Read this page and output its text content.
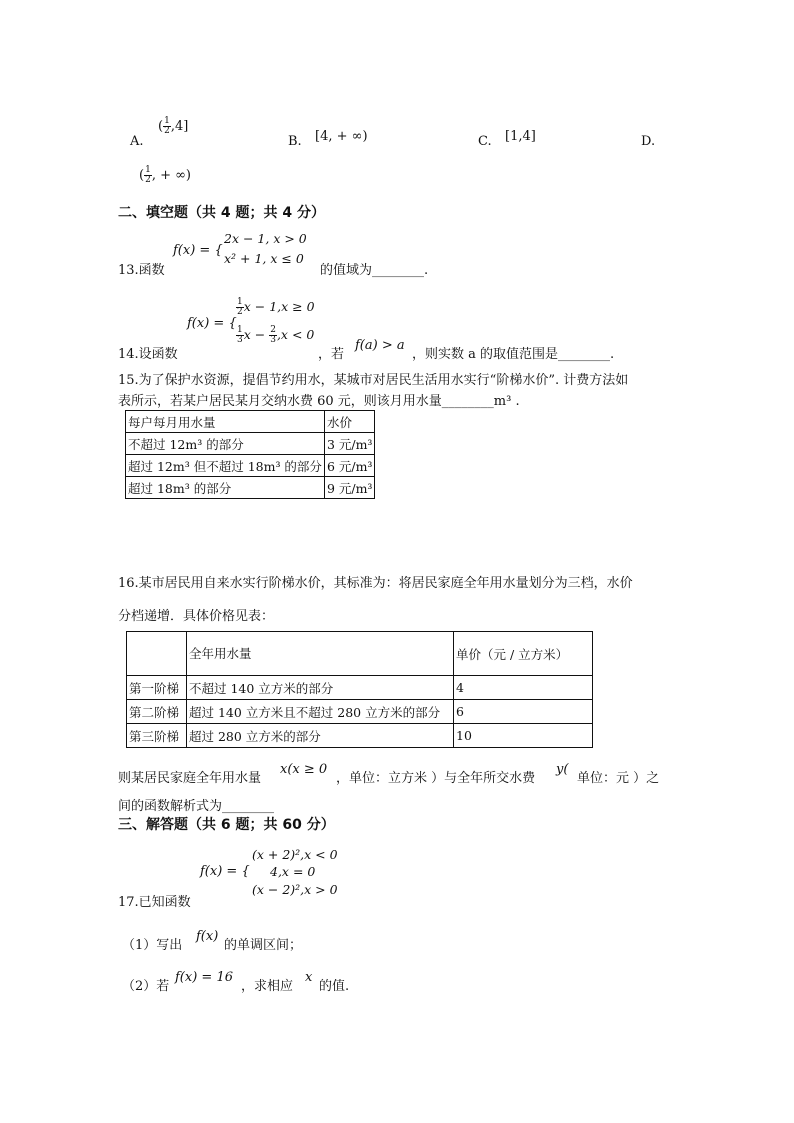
A.
( $\frac{1}{2} ,4$]
B. [4, + ∞)	C. [1,4]	D.
( $\frac{1}{2}$ , + ∞)
二、填空题（共 4 题；共 4 分）
f(x) = {
2x − 1, x > 0
x² + 1, x ≤ 0
13.函数	的值域为________.
f(x) = {
$\frac{1}{2}$ x − 1,x ≥ 0
$\frac{1}{3}$ $x - \frac{2}{3} ,x < 0$
14.设函数	，若
f(a) > a
，则实数 a 的取值范围是________.
15.为了保护水资源，提倡节约用水，某城市对居民生活用水实行“阶梯水价”. 计费方法如
表所示，若某户居民某月交纳水费 60 元，则该月用水量________m³ .
每户每月用水量	水价
不超过 12m³ 的部分	3 元/m³
超过 12m³ 但不超过 18m³ 的部分	6 元/m³
超过 18m³ 的部分	9 元/m³
16.某市居民用自来水实行阶梯水价，其标准为：将居民家庭全年用水量划分为三档，水价
分档递增．具体价格见表：
	全年用水量	单价（元 / 立方米）
第一阶梯	不超过 140 立方米的部分	4
第二阶梯	超过 140 立方米且不超过 280 立方米的部分	6
第三阶梯	超过 280 立方米的部分	10
则某居民家庭全年用水量
x(x ≥ 0
，单位：立方米 ）与全年所交水费
y(
单位：元 ）之
间的函数解析式为________
三、解答题（共 6 题；共 60 分）
f(x) = {
(x + 2)²,x < 0
4,x = 0
(x − 2)²,x > 0
17.已知函数
（1）写出
f(x)
的单调区间；
（2）若
f(x) = 16
，求相应
x
的值.
